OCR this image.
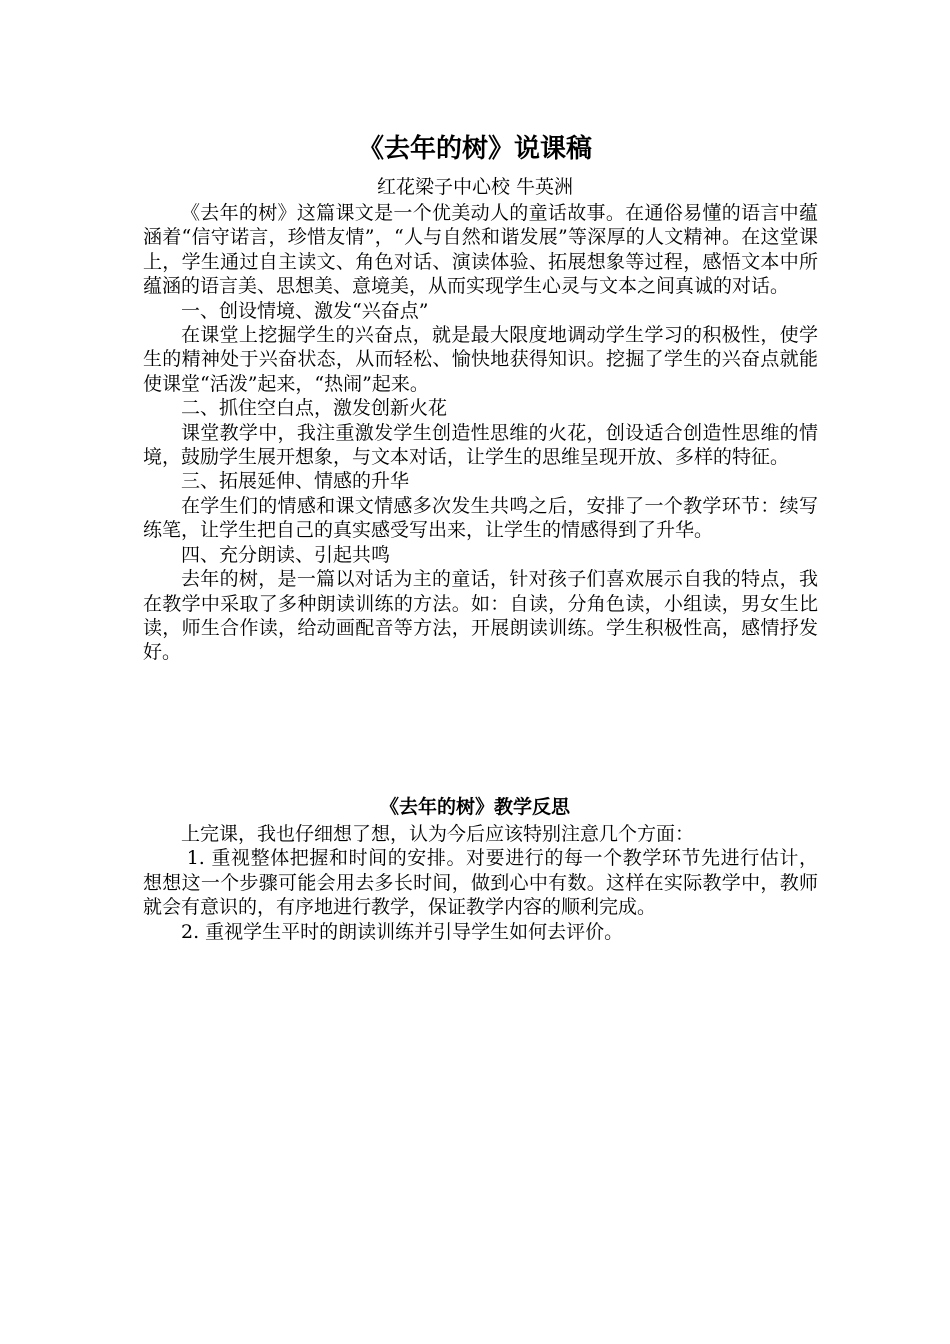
《去年的树》说课稿
红花梁子中心校 牛英洲

《去年的树》这篇课文是一个优美动人的童话故事。在通俗易懂的语言中蕴涵着“信守诺言，珍惜友情”，“人与自然和谐发展”等深厚的人文精神。在这堂课上，学生通过自主读文、角色对话、演读体验、拓展想象等过程，感悟文本中所蕴涵的语言美、思想美、意境美，从而实现学生心灵与文本之间真诚的对话。

一、创设情境、激发“兴奋点”

在课堂上挖掘学生的兴奋点，就是最大限度地调动学生学习的积极性，使学生的精神处于兴奋状态，从而轻松、愉快地获得知识。挖掘了学生的兴奋点就能使课堂“活泼”起来，“热闹”起来。

二、抓住空白点，激发创新火花

课堂教学中，我注重激发学生创造性思维的火花，创设适合创造性思维的情境，鼓励学生展开想象，与文本对话，让学生的思维呈现开放、多样的特征。

三、拓展延伸、情感的升华

在学生们的情感和课文情感多次发生共鸣之后，安排了一个教学环节：续写练笔，让学生把自己的真实感受写出来，让学生的情感得到了升华。

四、充分朗读、引起共鸣

去年的树，是一篇以对话为主的童话，针对孩子们喜欢展示自我的特点，我在教学中采取了多种朗读训练的方法。如：自读，分角色读，小组读，男女生比读，师生合作读，给动画配音等方法，开展朗读训练。学生积极性高，感情抒发好。

《去年的树》教学反思

上完课，我也仔细想了想，认为今后应该特别注意几个方面：

1. 重视整体把握和时间的安排。对要进行的每一个教学环节先进行估计，想想这一个步骤可能会用去多长时间，做到心中有数。这样在实际教学中，教师就会有意识的，有序地进行教学，保证教学内容的顺利完成。

2. 重视学生平时的朗读训练并引导学生如何去评价。
